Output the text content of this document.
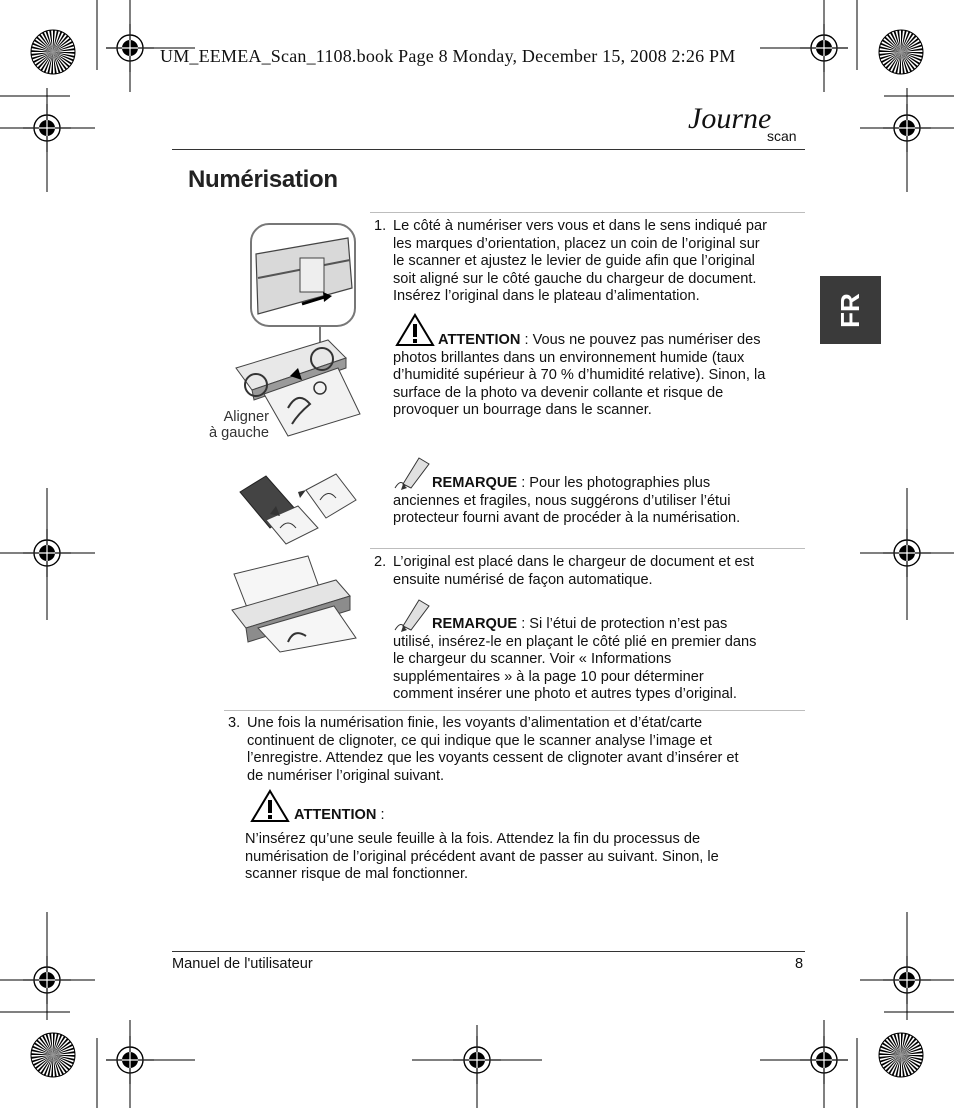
UM_EEMEA_Scan_1108.book Page 8 Monday, December 15, 2008 2:26 PM
Journe
scan
Numérisation
FR
Aligner
à gauche
1. Le côté à numériser vers vous et dans le sens indiqué par
les marques d’orientation, placez un coin de l’original sur
le scanner et ajustez le levier de guide afin que l’original
soit aligné sur le côté gauche du chargeur de document.
Insérez l’original dans le plateau d’alimentation.
ATTENTION : Vous ne pouvez pas numériser des
photos brillantes dans un environnement humide (taux
d’humidité supérieur à 70 % d’humidité relative). Sinon, la
surface de la photo va devenir collante et risque de
provoquer un bourrage dans le scanner.
REMARQUE : Pour les photographies plus
anciennes et fragiles, nous suggérons d’utiliser l’étui
protecteur fourni avant de procéder à la numérisation.
2. L’original est placé dans le chargeur de document et est
ensuite numérisé de façon automatique.
REMARQUE : Si l’étui de protection n’est pas
utilisé, insérez-le en plaçant le côté plié en premier dans
le chargeur du scanner. Voir « Informations
supplémentaires » à la page 10 pour déterminer
comment insérer une photo et autres types d’original.
3. Une fois la numérisation finie, les voyants d’alimentation et d’état/carte
continuent de clignoter, ce qui indique que le scanner analyse l’image et
l’enregistre. Attendez que les voyants cessent de clignoter avant d’insérer et
de numériser l’original suivant.
ATTENTION :
N’insérez qu’une seule feuille à la fois. Attendez la fin du processus de
numérisation de l’original précédent avant de passer au suivant. Sinon, le
scanner risque de mal fonctionner.
Manuel de l'utilisateur	8
